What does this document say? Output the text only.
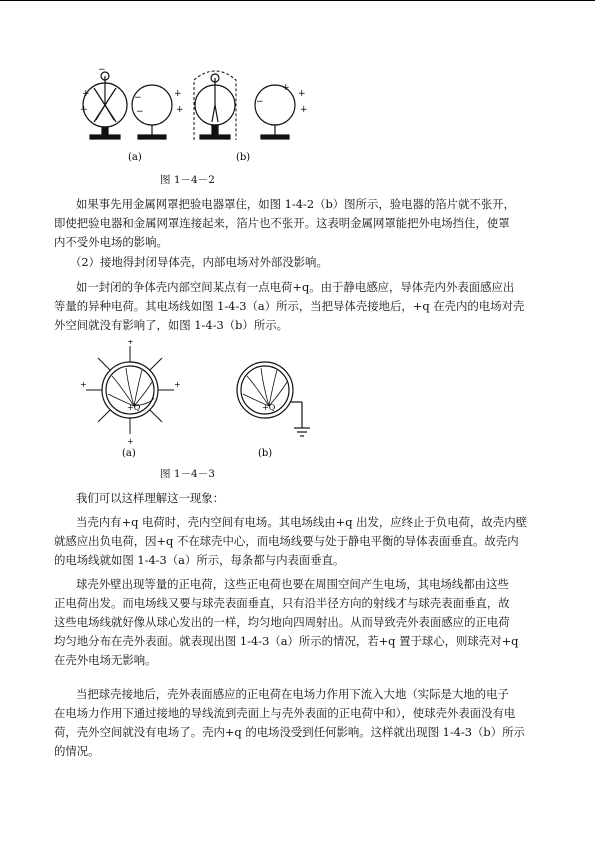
+
+
−
+
+
−
−
+
+
+
−
(a)	(b)
图 1－4－2
如果事先用金属网罩把验电器罩住，如图 1-4-2（b）图所示，验电器的箔片就不张开，
即使把验电器和金属网罩连接起来，箔片也不张开。这表明金属网罩能把外电场挡住，使罩
内不受外电场的影响。
（2）接地得封闭导体壳，内部电场对外部没影响。
如一封闭的争体壳内部空间某点有一点电荷+q。由于静电感应，导体壳内外表面感应出
等量的异种电荷。其电场线如图 1-4-3（a）所示，当把导体壳接地后，+q 在壳内的电场对壳
外空间就没有影响了，如图 1-4-3（b）所示。
+Q
+
+	+
+
+Q
(a)	(b)
图 1－4－3
我们可以这样理解这一现象：
当壳内有+q 电荷时，壳内空间有电场。其电场线由+q 出发，应终止于负电荷，故壳内壁
就感应出负电荷，因+q 不在球壳中心，而电场线要与处于静电平衡的导体表面垂直。故壳内
的电场线就如图 1-4-3（a）所示，每条都与内表面垂直。
球壳外壁出现等量的正电荷，这些正电荷也要在周围空间产生电场，其电场线都由这些
正电荷出发。而电场线又要与球壳表面垂直，只有沿半径方向的射线才与球壳表面垂直，故
这些电场线就好像从球心发出的一样，均匀地向四周射出。从而导致壳外表面感应的正电荷
均匀地分布在壳外表面。就表现出图 1-4-3（a）所示的情况，若+q 置于球心，则球壳对+q
在壳外电场无影响。
当把球壳接地后，壳外表面感应的正电荷在电场力作用下流入大地（实际是大地的电子
在电场力作用下通过接地的导线流到壳面上与壳外表面的正电荷中和），使球壳外表面没有电
荷，壳外空间就没有电场了。壳内+q 的电场没受到任何影响。这样就出现图 1-4-3（b）所示
的情况。
